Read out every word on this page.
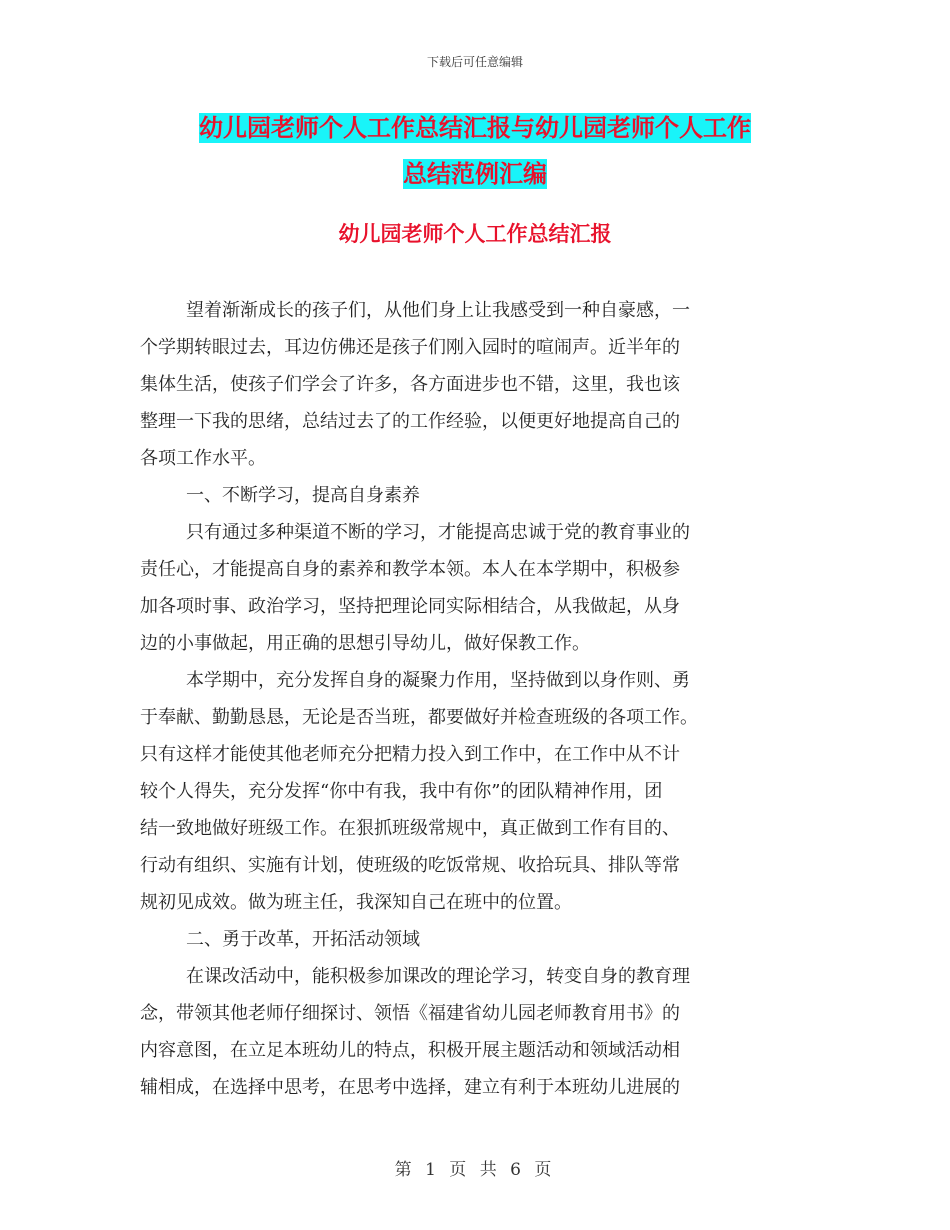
下载后可任意编辑
幼儿园老师个人工作总结汇报与幼儿园老师个人工作
总结范例汇编
幼儿园老师个人工作总结汇报
望着渐渐成长的孩子们，从他们身上让我感受到一种自豪感，一
个学期转眼过去，耳边仿佛还是孩子们刚入园时的喧闹声。近半年的
集体生活，使孩子们学会了许多，各方面进步也不错，这里，我也该
整理一下我的思绪，总结过去了的工作经验，以便更好地提高自己的
各项工作水平。
一、不断学习，提高自身素养
只有通过多种渠道不断的学习，才能提高忠诚于党的教育事业的
责任心，才能提高自身的素养和教学本领。本人在本学期中，积极参
加各项时事、政治学习，坚持把理论同实际相结合，从我做起，从身
边的小事做起，用正确的思想引导幼儿，做好保教工作。
本学期中，充分发挥自身的凝聚力作用，坚持做到以身作则、勇
于奉献、勤勤恳恳，无论是否当班，都要做好并检查班级的各项工作。
只有这样才能使其他老师充分把精力投入到工作中，在工作中从不计
较个人得失，充分发挥“你中有我，我中有你”的团队精神作用，团
结一致地做好班级工作。在狠抓班级常规中，真正做到工作有目的、
行动有组织、实施有计划，使班级的吃饭常规、收拾玩具、排队等常
规初见成效。做为班主任，我深知自己在班中的位置。
二、勇于改革，开拓活动领域
在课改活动中，能积极参加课改的理论学习，转变自身的教育理
念，带领其他老师仔细探讨、领悟《福建省幼儿园老师教育用书》的
内容意图，在立足本班幼儿的特点，积极开展主题活动和领域活动相
辅相成，在选择中思考，在思考中选择，建立有利于本班幼儿进展的
第 1 页 共 6 页
